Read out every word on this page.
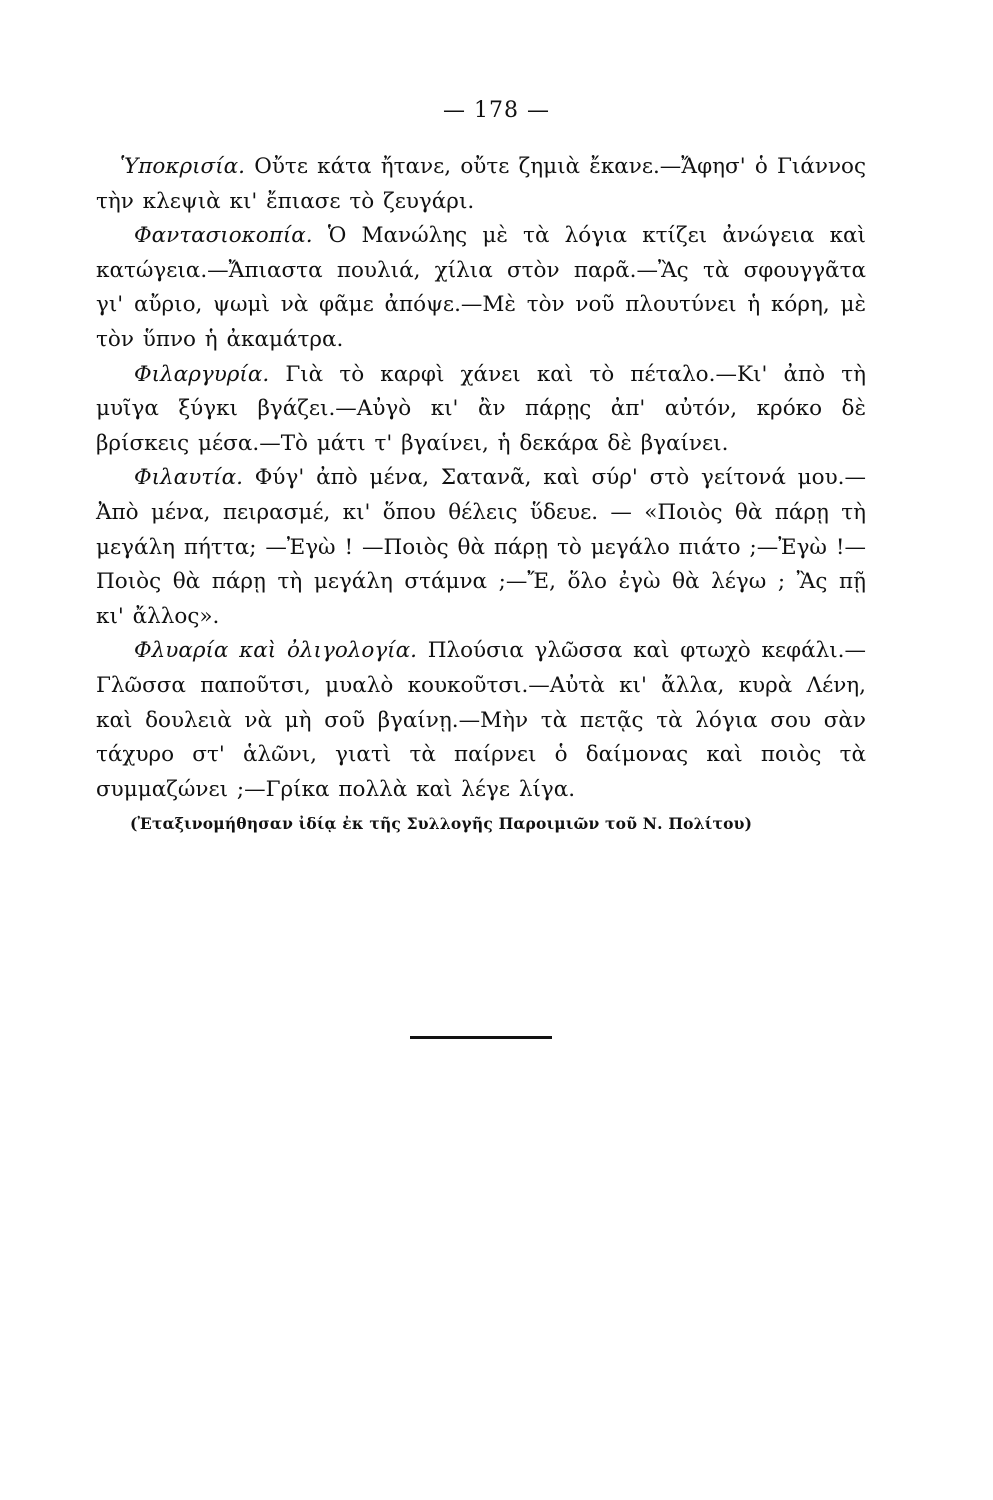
— 178 —

Ὑποκρισία. Οὔτε κάτα ἤτανε, οὔτε ζημιὰ ἔκανε.—Ἄφησ' ὁ Γιάννος τὴν κλεψιὰ κι' ἔπιασε τὸ ζευγάρι.

Φαντασιοκοπία. Ὁ Μανώλης μὲ τὰ λόγια κτίζει ἀνώγεια καὶ κατώγεια.—Ἄπιαστα πουλιά, χίλια στὸν παρᾶ.—Ἂς τὰ σφουγγᾶτα γι' αὔριο, ψωμὶ νὰ φᾶμε ἀπόψε.—Μὲ τὸν νοῦ πλουτύνει ἡ κόρη, μὲ τὸν ὕπνο ἡ ἀκαμάτρα.

Φιλαργυρία. Γιὰ τὸ καρφὶ χάνει καὶ τὸ πέταλο.—Κι' ἀπὸ τὴ μυῖγα ξύγκι βγάζει.—Αὐγὸ κι' ἂν πάρῃς ἀπ' αὐτόν, κρόκο δὲ βρίσκεις μέσα.—Τὸ μάτι τ' βγαίνει, ἡ δεκάρα δὲ βγαίνει.

Φιλαυτία. Φύγ' ἀπὸ μένα, Σατανᾶ, καὶ σύρ' στὸ γείτονά μου.—Ἀπὸ μένα, πειρασμέ, κι' ὅπου θέλεις ὕδευε. — «Ποιὸς θὰ πάρῃ τὴ μεγάλη πήττα; —Ἐγὼ ! —Ποιὸς θὰ πάρῃ τὸ μεγάλο πιάτο ;—Ἐγὼ !—Ποιὸς θὰ πάρῃ τὴ μεγάλη στάμνα ;—Ἔ, ὅλο ἐγὼ θὰ λέγω ; Ἂς πῇ κι' ἄλλος».

Φλυαρία καὶ ὀλιγολογία. Πλούσια γλῶσσα καὶ φτωχὸ κεφάλι.—Γλῶσσα παποῦτσι, μυαλὸ κουκοῦτσι.—Αὐτὰ κι' ἄλλα, κυρὰ Λένη, καὶ δουλειὰ νὰ μὴ σοῦ βγαίνῃ.—Μὴν τὰ πετᾷς τὰ λόγια σου σὰν τάχυρο στ' ἁλῶνι, γιατὶ τὰ παίρνει ὁ δαίμονας καὶ ποιὸς τὰ συμμαζώνει ;—Γρίκα πολλὰ καὶ λέγε λίγα.

(Ἐταξινομήθησαν ἰδίᾳ ἐκ τῆς Συλλογῆς Παροιμιῶν τοῦ Ν. Πολίτου)
